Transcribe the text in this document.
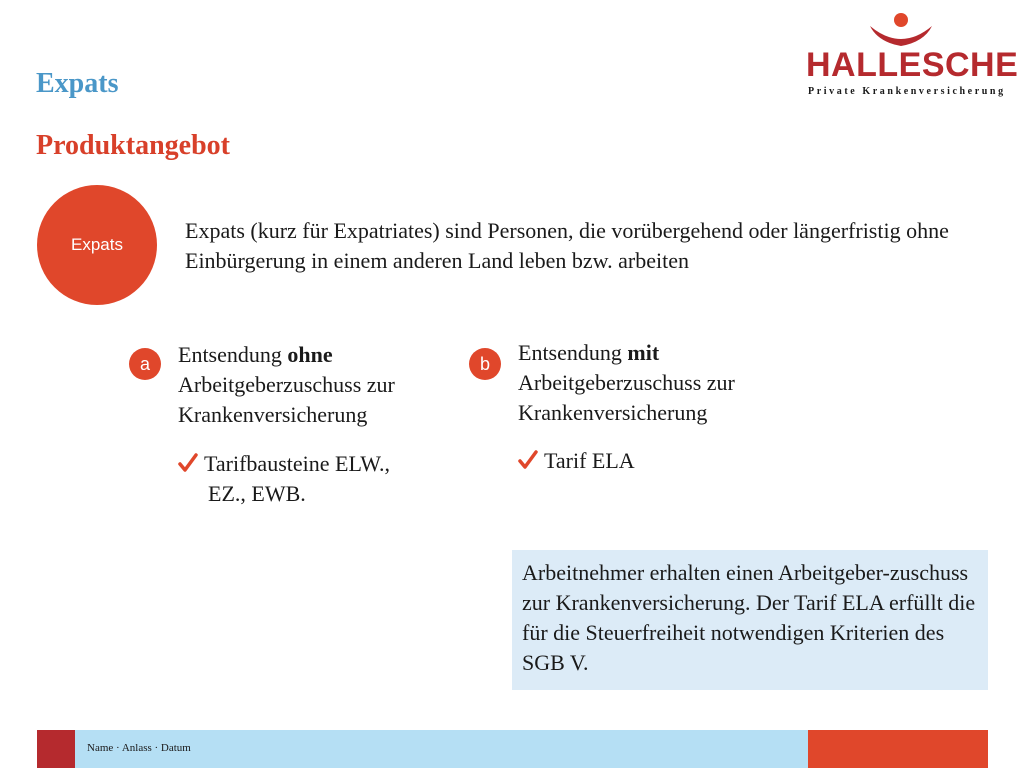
HALLESCHE
Private Krankenversicherung
Expats
Produktangebot
Expats
Expats (kurz für Expatriates) sind Personen, die vorübergehend oder längerfristig ohne Einbürgerung in einem anderen Land leben bzw. arbeiten
a Entsendung ohne
Arbeitgeberzuschuss zur
Krankenversicherung
Tarifbausteine ELW.,
EZ., EWB.
b Entsendung mit
Arbeitgeberzuschuss zur
Krankenversicherung
Tarif ELA
Arbeitnehmer erhalten einen Arbeitgeber-zuschuss zur Krankenversicherung. Der Tarif ELA erfüllt die für die Steuerfreiheit notwendigen Kriterien des SGB V.
Name · Anlass · Datum
